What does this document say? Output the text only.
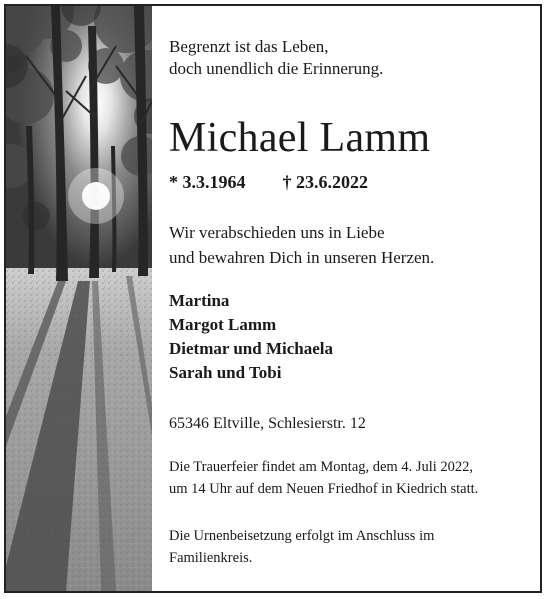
Begrenzt ist das Leben,
doch unendlich die Erinnerung.
Michael Lamm
* 3.3.1964 † 23.6.2022
Wir verabschieden uns in Liebe
und bewahren Dich in unseren Herzen.
Martina
Margot Lamm
Dietmar und Michaela
Sarah und Tobi
65346 Eltville, Schlesierstr. 12
Die Trauerfeier findet am Montag, dem 4. Juli 2022,
um 14 Uhr auf dem Neuen Friedhof in Kiedrich statt.
Die Urnenbeisetzung erfolgt im Anschluss im
Familienkreis.
